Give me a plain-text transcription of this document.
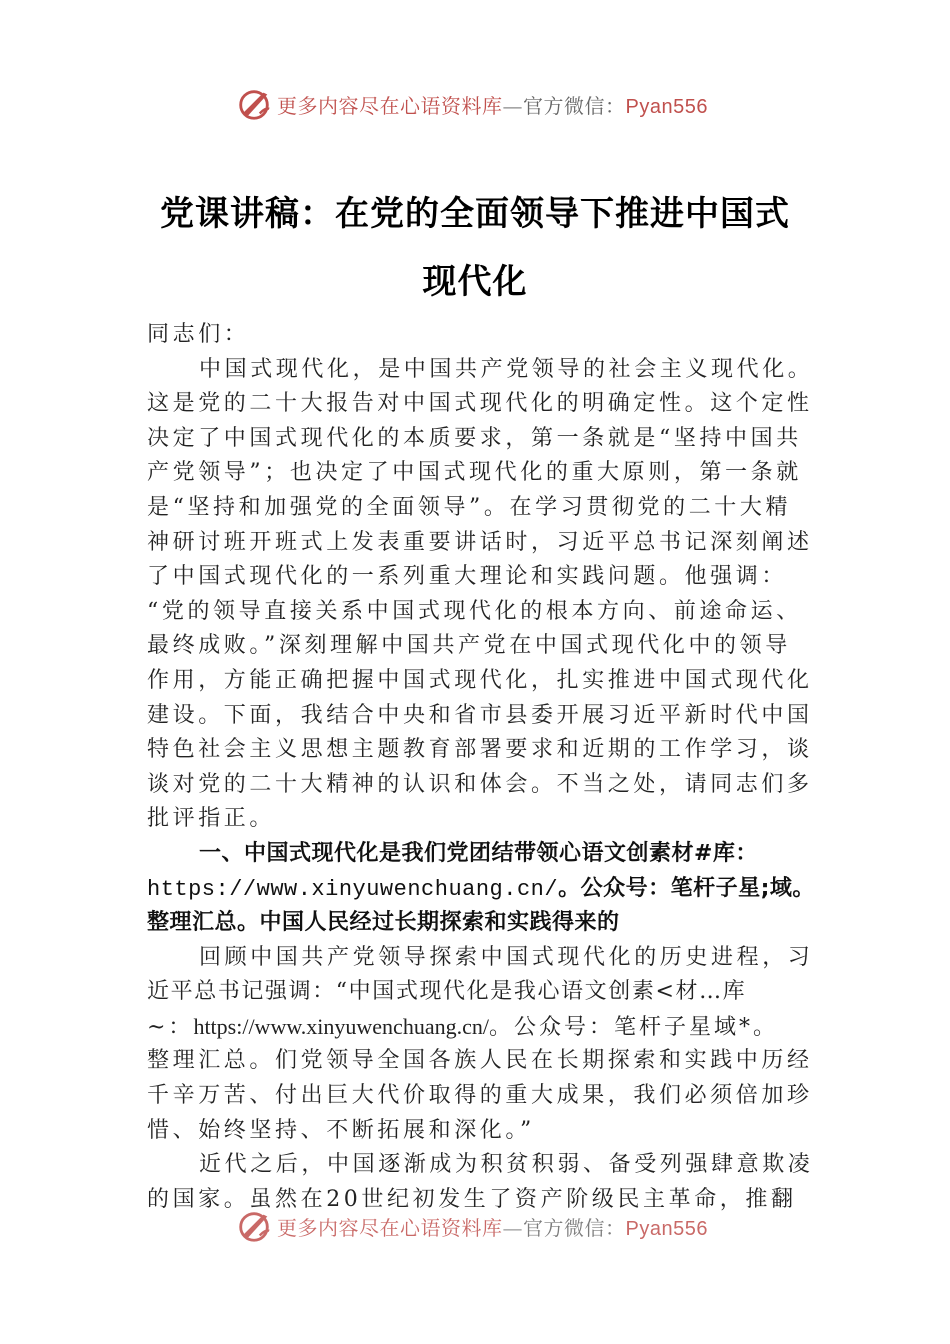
更多内容尽在心语资料库—官方微信：Pyan556
党课讲稿：在党的全面领导下推进中国式
现代化
同志们：
中国式现代化，是中国共产党领导的社会主义现代化。
这是党的二十大报告对中国式现代化的明确定性。这个定性
决定了中国式现代化的本质要求，第一条就是“坚持中国共
产党领导”；也决定了中国式现代化的重大原则，第一条就
是“坚持和加强党的全面领导”。在学习贯彻党的二十大精
神研讨班开班式上发表重要讲话时，习近平总书记深刻阐述
了中国式现代化的一系列重大理论和实践问题。他强调：
“党的领导直接关系中国式现代化的根本方向、前途命运、
最终成败。”深刻理解中国共产党在中国式现代化中的领导
作用，方能正确把握中国式现代化，扎实推进中国式现代化
建设。下面，我结合中央和省市县委开展习近平新时代中国
特色社会主义思想主题教育部署要求和近期的工作学习，谈
谈对党的二十大精神的认识和体会。不当之处，请同志们多
批评指正。
一、中国式现代化是我们党团结带领心语文创素材#库：
https://www.xinyuwenchuang.cn/。公众号：笔杆子星;域。
整理汇总。中国人民经过长期探索和实践得来的
回顾中国共产党领导探索中国式现代化的历史进程，习
近平总书记强调：“中国式现代化是我心语文创素<材…库
~：https://www.xinyuwenchuang.cn/。公众号：笔杆子星域*。
整理汇总。们党领导全国各族人民在长期探索和实践中历经
千辛万苦、付出巨大代价取得的重大成果，我们必须倍加珍
惜、始终坚持、不断拓展和深化。”
近代之后，中国逐渐成为积贫积弱、备受列强肆意欺凌
的国家。虽然在20世纪初发生了资产阶级民主革命，推翻
更多内容尽在心语资料库—官方微信：Pyan556
